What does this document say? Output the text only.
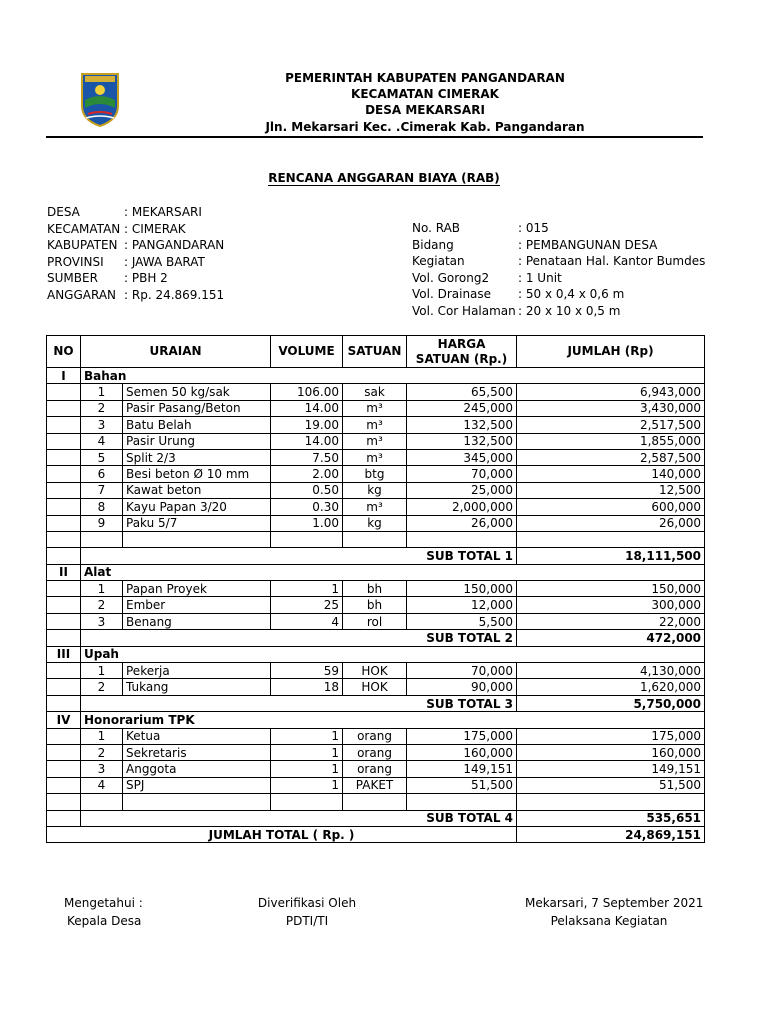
PEMERINTAH KABUPATEN PANGANDARAN
KECAMATAN CIMERAK
DESA MEKARSARI
Jln. Mekarsari Kec. .Cimerak Kab. Pangandaran
RENCANA ANGGARAN BIAYA (RAB)
DESA	: MEKARSARI
KECAMATAN : CIMERAK
KABUPATEN : PANGANDARAN
PROVINSI	: JAWA BARAT
SUMBER	: PBH 2
ANGGARAN : Rp. 24.869.151
No. RAB	: 015
Bidang	: PEMBANGUNAN DESA
Kegiatan	: Penataan Hal. Kantor Bumdes
Vol. Gorong2	: 1 Unit
Vol. Drainase	: 50 x 0,4 x 0,6 m
Vol. Cor Halaman : 20 x 10 x 0,5 m
NO	URAIAN		VOLUME	SATUAN	HARGA SATUAN (Rp.)	JUMLAH (Rp)
I	Bahan					
	1	Semen 50 kg/sak	106.00	sak	65,500	6,943,000
	2	Pasir Pasang/Beton	14.00	m³	245,000	3,430,000
	3	Batu Belah	19.00	m³	132,500	2,517,500
	4	Pasir Urung	14.00	m³	132,500	1,855,000
	5	Split 2/3	7.50	m³	345,000	2,587,500
	6	Besi beton Ø 10 mm	2.00	btg	70,000	140,000
	7	Kawat beton	0.50	kg	25,000	12,500
	8	Kayu Papan 3/20	0.30	m³	2,000,000	600,000
	9	Paku 5/7	1.00	kg	26,000	26,000

	SUB TOTAL 1					18,111,500
II	Alat					
	1	Papan Proyek	1	bh	150,000	150,000
	2	Ember	25	bh	12,000	300,000
	3	Benang	4	rol	5,500	22,000
	SUB TOTAL 2					472,000
III	Upah					
	1	Pekerja	59	HOK	70,000	4,130,000
	2	Tukang	18	HOK	90,000	1,620,000
	SUB TOTAL 3					5,750,000
IV	Honorarium TPK					
	1	Ketua	1	orang	175,000	175,000
	2	Sekretaris	1	orang	160,000	160,000
	3	Anggota	1	orang	149,151	149,151
	4	SPJ	1	PAKET	51,500	51,500

	SUB TOTAL 4					535,651
JUMLAH TOTAL ( Rp. )						24,869,151
Mengetahui :
Kepala Desa
Diverifikasi Oleh
PDTI/TI
Mekarsari, 7 September 2021
Pelaksana Kegiatan
